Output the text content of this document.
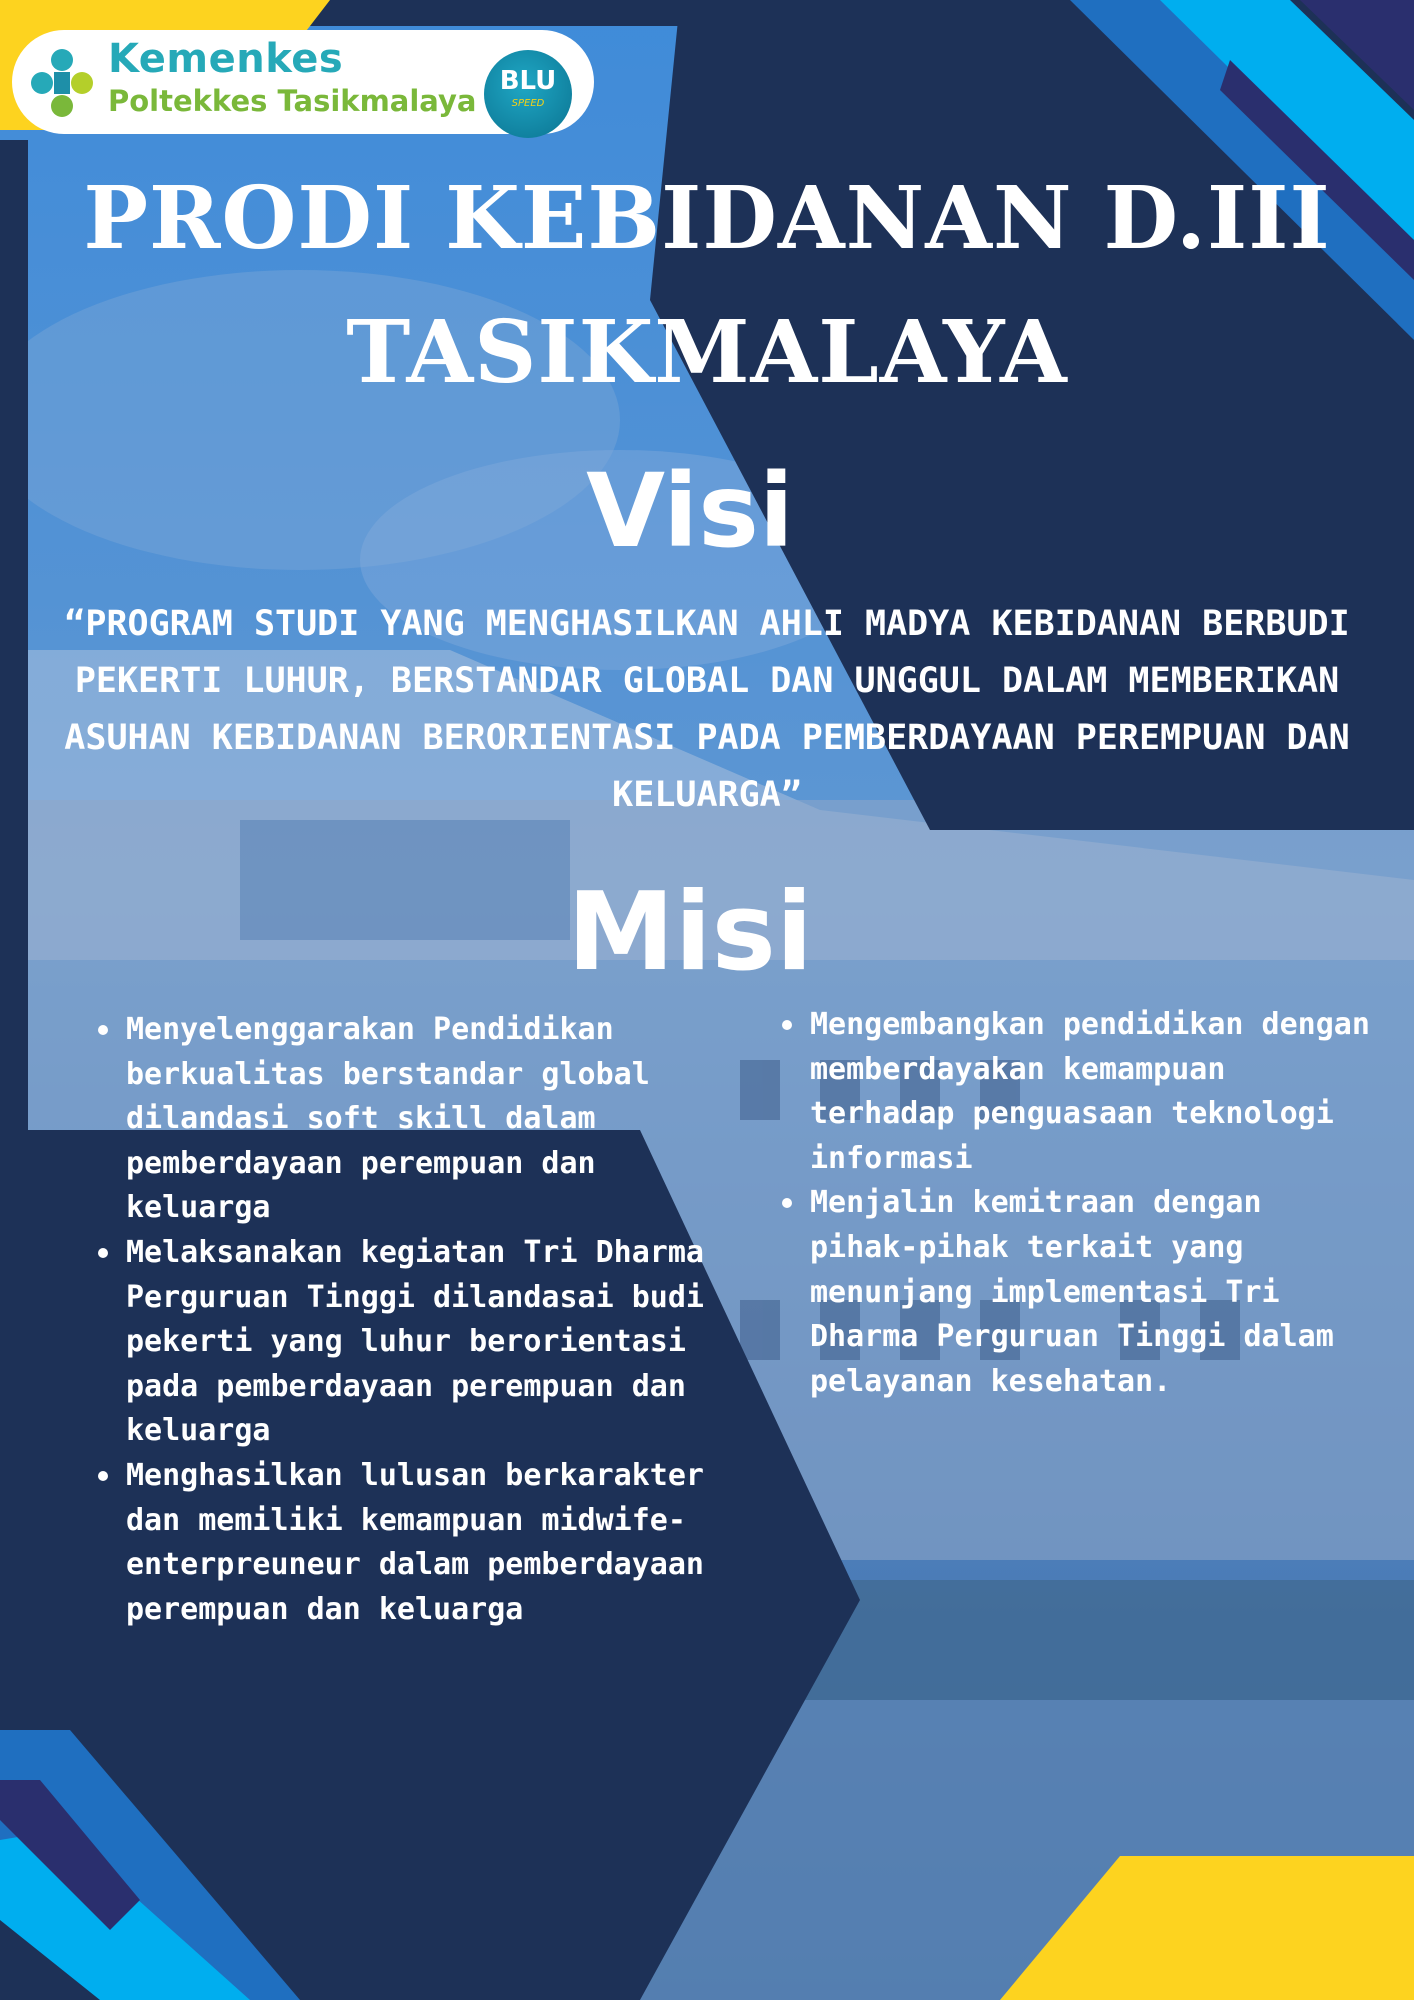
Kemenkes
Poltekkes Tasikmalaya
BLU
SPEED
PRODI KEBIDANAN D.III
TASIKMALAYA
Visi
“PROGRAM STUDI YANG MENGHASILKAN AHLI MADYA KEBIDANAN BERBUDI PEKERTI LUHUR, BERSTANDAR GLOBAL DAN UNGGUL DALAM MEMBERIKAN ASUHAN KEBIDANAN BERORIENTASI PADA PEMBERDAYAAN PEREMPUAN DAN KELUARGA”
Misi
Menyelenggarakan Pendidikan berkualitas berstandar global dilandasi soft skill dalam pemberdayaan perempuan dan keluarga
Melaksanakan kegiatan Tri Dharma Perguruan Tinggi dilandasai budi pekerti yang luhur berorientasi pada pemberdayaan perempuan dan keluarga
Menghasilkan lulusan berkarakter dan memiliki kemampuan midwife-enterpreuneur dalam pemberdayaan perempuan dan keluarga
Mengembangkan pendidikan dengan memberdayakan kemampuan terhadap penguasaan teknologi informasi
Menjalin kemitraan dengan pihak-pihak terkait yang menunjang implementasi Tri Dharma Perguruan Tinggi dalam pelayanan kesehatan.
